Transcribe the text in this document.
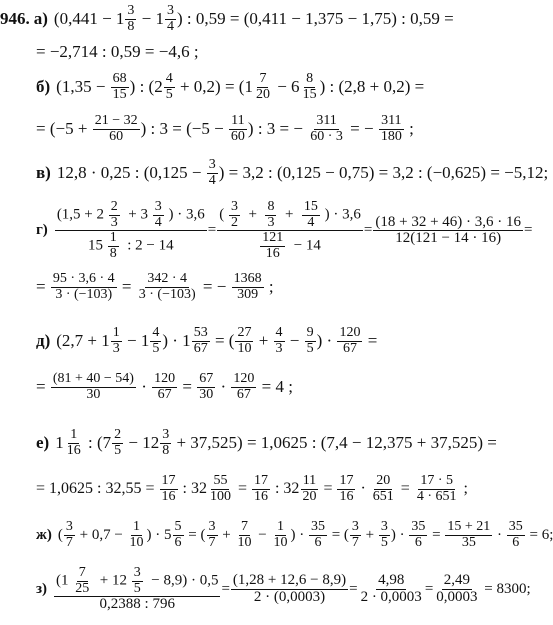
946. а) ($0,441 - 1 \frac{3}{8} - 1 \frac{3}{4}$ ) : 0,59 = (0,411 − 1,375 − 1,75) : 0,59 =
= −2,714 : 0,59 = −4,6 ;
б) ($1,35 - \frac{68}{15}$ ) : $(2 \frac{4}{5} + 0,2) = (1 \frac{7}{20} - 6 \frac{8}{15}$ ) : (2,8 + 0,2) =
= ($-5 + \frac{21 - 32}{60}$ ) : $3 = (-5 - \frac{11}{60}$ ) : 3 = − $\frac{311}{60 \cdot 3}$ = − $\frac{311}{180}$ ;
в) 12,8 · 0,25 : ($0,125 - \frac{3}{4}$ ) = 3,2 : (0,125 − 0,75) = 3,2 : (−0,625) = −5,12;
$г) \frac{(1,5 + 2 \frac{2}{3} + 3 \frac{3}{4} ) \cdot 3,6}{15 \frac{1}{8} : 2 - 14}$ =
( $\frac{3}{2} + \frac{8}{3} + \frac{15}{4}$ ) · 3,6
$\frac{121}{16} - 14$
= $\frac{(18 + 32 + 46) \cdot 3,6 \cdot 16}{12(121 - 14 \cdot 16)}$ =
= $\frac{95 \cdot 3,6 \cdot 4}{3 \cdot (-103)} = \frac{342 \cdot 4}{3 \cdot (-103)}$ = − $\frac{1368}{309}$ ;
д) ($2,7 + 1 \frac{1}{3} - 1 \frac{4}{5}$ ) · $1 \frac{53}{67}$ = ( $\frac{27}{10} + \frac{4}{3} - \frac{9}{5}$ ) · $\frac{120}{67}$ =
= $\frac{(81 + 40 - 54)}{30} \cdot \frac{120}{67} = \frac{67}{30} \cdot \frac{120}{67} = 4$ ;
е) $1 \frac{1}{16}$ : $(7 \frac{2}{5} - 12 \frac{3}{8} + 37,525) = 1,0625$ : (7,4 − 12,375 + 37,525) =
= 1,0625 : $32,55 = \frac{17}{16}$ : $32 \frac{55}{100} = \frac{17}{16}$ : $32 \frac{11}{20} = \frac{17}{16} \cdot \frac{20}{651} = \frac{17 \cdot 5}{4 \cdot 651}$ ;
ж) ( $\frac{3}{7} + 0,7 - \frac{1}{10}$ ) · $5 \frac{5}{6}$ = ( $\frac{3}{7} + \frac{7}{10} - \frac{1}{10}$ ) · $\frac{35}{6}$ = ( $\frac{3}{7} + \frac{3}{5}$ ) · $\frac{35}{6} = \frac{15 + 21}{35} \cdot \frac{35}{6} = 6$;
з)
$(1 \frac{7}{25} + 12 \frac{3}{5} - 8,9) \cdot 0,5$
0,2388 : 796
= $\frac{(1,28 + 12,6 - 8,9)}{2 \cdot (0,0003)} = \frac{4,98}{2 \cdot 0,0003} = \frac{2,49}{0,0003} = 8300$;
